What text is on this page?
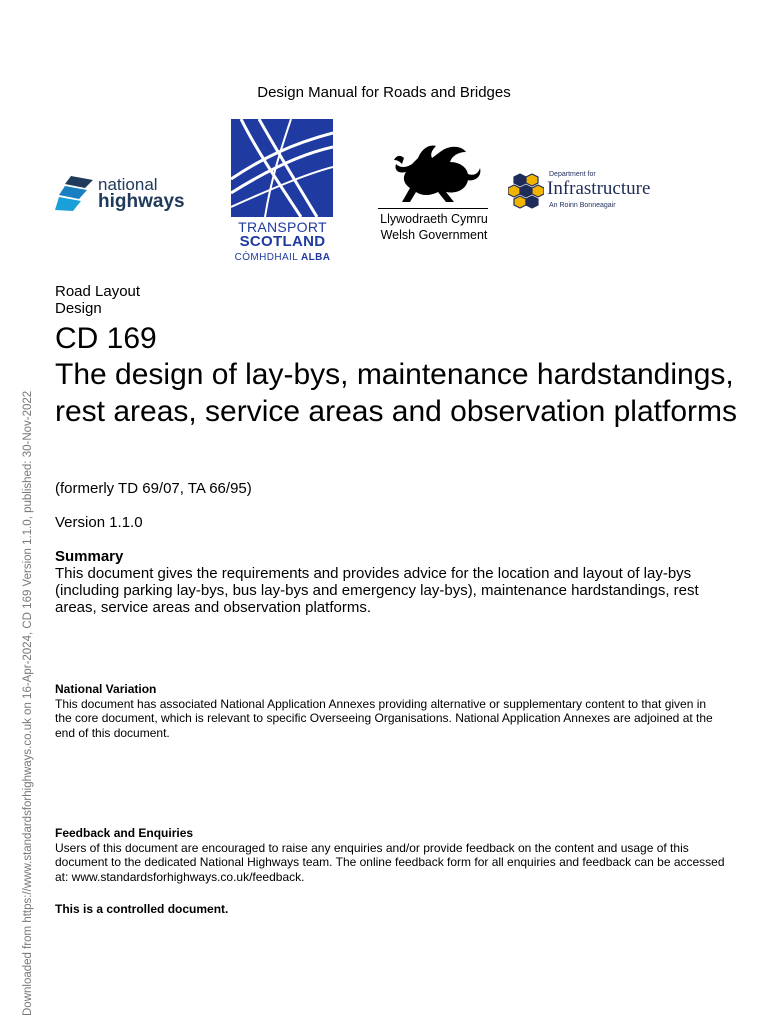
Design Manual for Roads and Bridges
national
highways
TRANSPORT
SCOTLAND
CÒMHDHAIL ALBA
Llywodraeth Cymru
Welsh Government
Department for
Infrastructure
An Roinn Bonneagair
Road Layout
Design
CD 169
The design of lay-bys, maintenance hardstandings, rest areas, service areas and observation platforms
(formerly TD 69/07, TA 66/95)
Version 1.1.0
Summary
This document gives the requirements and provides advice for the location and layout of lay-bys (including parking lay-bys, bus lay-bys and emergency lay-bys), maintenance hardstandings, rest areas, service areas and observation platforms.
National Variation
This document has associated National Application Annexes providing alternative or supplementary content to that given in the core document, which is relevant to specific Overseeing Organisations. National Application Annexes are adjoined at the end of this document.
Feedback and Enquiries
Users of this document are encouraged to raise any enquiries and/or provide feedback on the content and usage of this document to the dedicated National Highways team. The online feedback form for all enquiries and feedback can be accessed at: www.standardsforhighways.co.uk/feedback.
This is a controlled document.
Downloaded from https://www.standardsforhighways.co.uk on 16-Apr-2024, CD 169 Version 1.1.0, published: 30-Nov-2022
